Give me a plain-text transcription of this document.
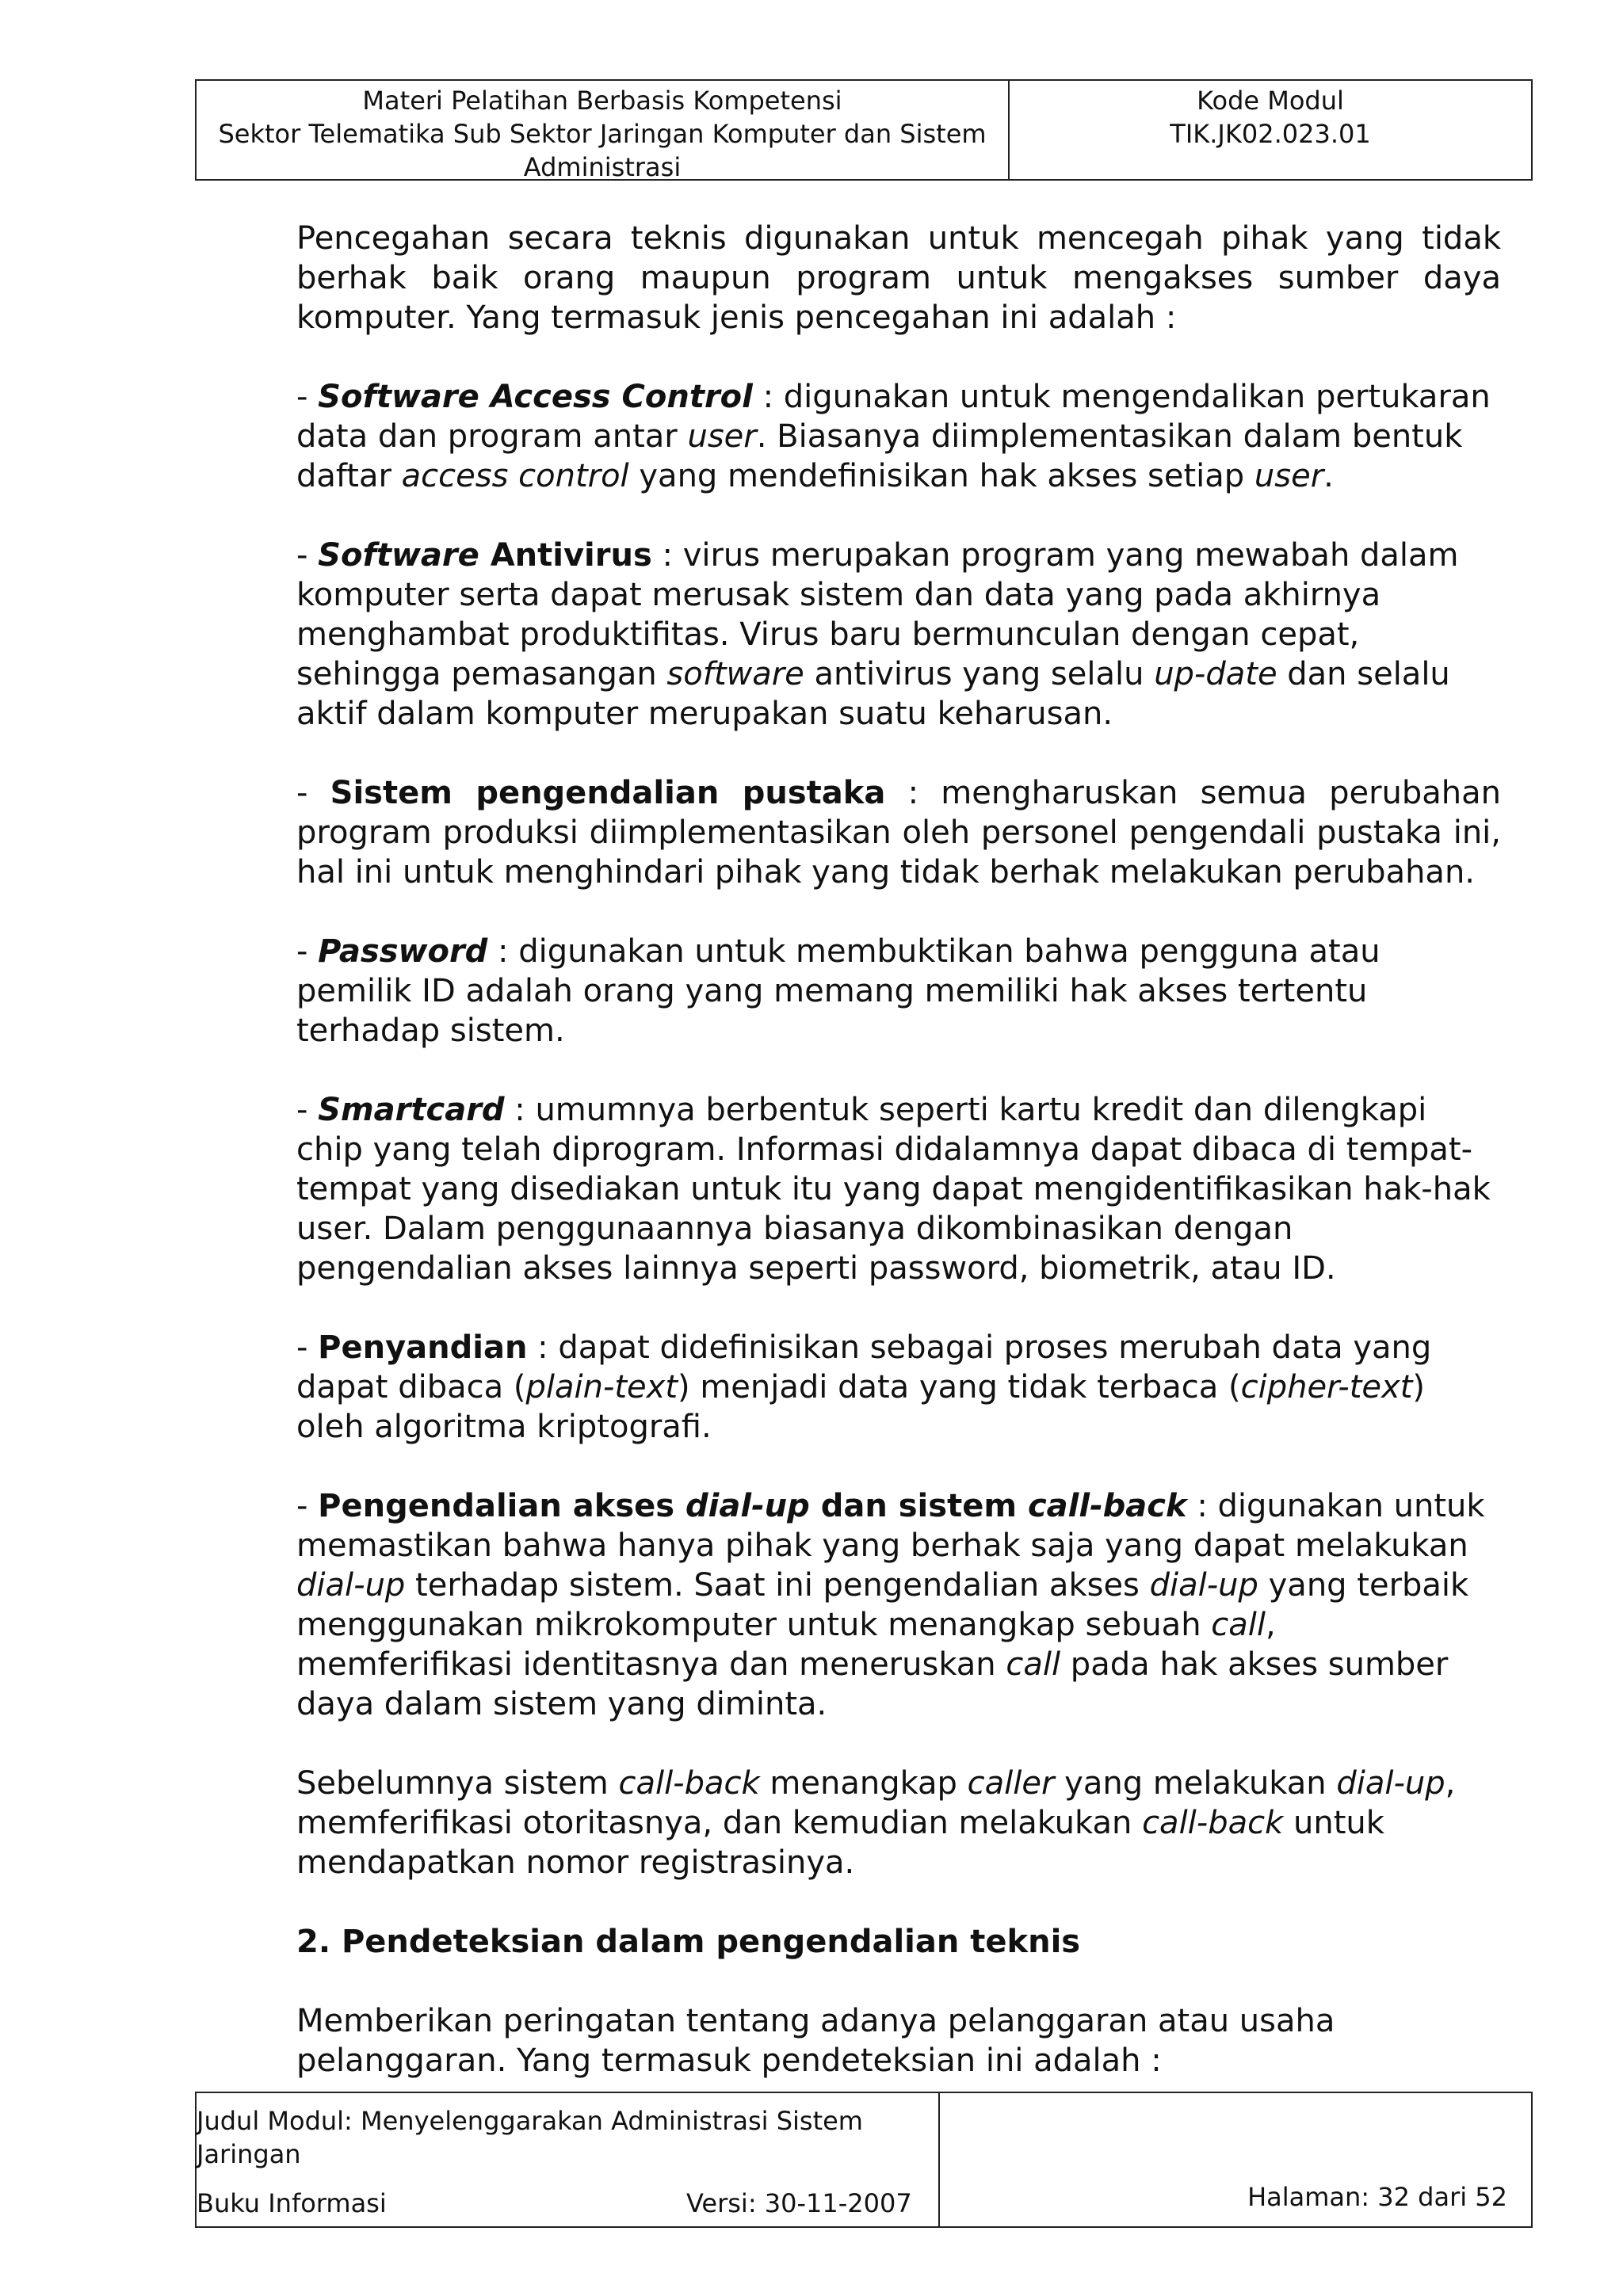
Materi Pelatihan Berbasis Kompetensi
Sektor Telematika Sub Sektor Jaringan Komputer dan Sistem
Administrasi
Kode Modul
TIK.JK02.023.01

Pencegahan secara teknis digunakan untuk mencegah pihak yang tidak berhak baik orang maupun program untuk mengakses sumber daya komputer. Yang termasuk jenis pencegahan ini adalah :

- Software Access Control : digunakan untuk mengendalikan pertukaran data dan program antar user. Biasanya diimplementasikan dalam bentuk daftar access control yang mendefinisikan hak akses setiap user.

- Software Antivirus : virus merupakan program yang mewabah dalam komputer serta dapat merusak sistem dan data yang pada akhirnya menghambat produktifitas. Virus baru bermunculan dengan cepat, sehingga pemasangan software antivirus yang selalu up-date dan selalu aktif dalam komputer merupakan suatu keharusan.

- Sistem pengendalian pustaka : mengharuskan semua perubahan program produksi diimplementasikan oleh personel pengendali pustaka ini, hal ini untuk menghindari pihak yang tidak berhak melakukan perubahan.

- Password : digunakan untuk membuktikan bahwa pengguna atau pemilik ID adalah orang yang memang memiliki hak akses tertentu terhadap sistem.

- Smartcard : umumnya berbentuk seperti kartu kredit dan dilengkapi chip yang telah diprogram. Informasi didalamnya dapat dibaca di tempat-tempat yang disediakan untuk itu yang dapat mengidentifikasikan hak-hak user. Dalam penggunaannya biasanya dikombinasikan dengan pengendalian akses lainnya seperti password, biometrik, atau ID.

- Penyandian : dapat didefinisikan sebagai proses merubah data yang dapat dibaca (plain-text) menjadi data yang tidak terbaca (cipher-text) oleh algoritma kriptografi.

- Pengendalian akses dial-up dan sistem call-back : digunakan untuk memastikan bahwa hanya pihak yang berhak saja yang dapat melakukan dial-up terhadap sistem. Saat ini pengendalian akses dial-up yang terbaik menggunakan mikrokomputer untuk menangkap sebuah call, memferifikasi identitasnya dan meneruskan call pada hak akses sumber daya dalam sistem yang diminta.

Sebelumnya sistem call-back menangkap caller yang melakukan dial-up, memferifikasi otoritasnya, dan kemudian melakukan call-back untuk mendapatkan nomor registrasinya.

2. Pendeteksian dalam pengendalian teknis

Memberikan peringatan tentang adanya pelanggaran atau usaha pelanggaran. Yang termasuk pendeteksian ini adalah :

Judul Modul: Menyelenggarakan Administrasi Sistem Jaringan
Buku Informasi	Versi: 30-11-2007	Halaman: 32 dari 52
